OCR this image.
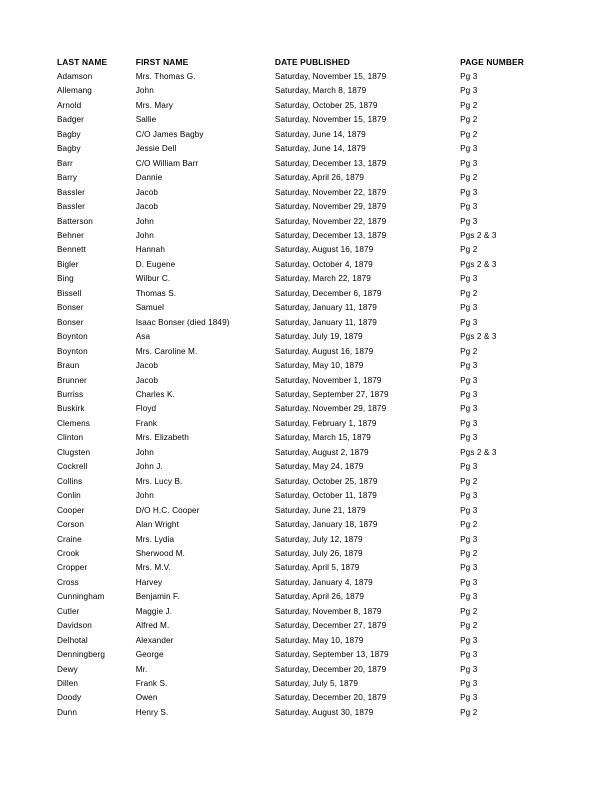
LAST NAME	FIRST NAME	DATE PUBLISHED	PAGE NUMBER
Adamson	Mrs. Thomas G.	Saturday, November 15, 1879	Pg 3
Allemang	John	Saturday, March 8, 1879	Pg 3
Arnold	Mrs. Mary	Saturday, October 25, 1879	Pg 2
Badger	Sallie	Saturday, November 15, 1879	Pg 2
Bagby	C/O James Bagby	Saturday, June 14, 1879	Pg 2
Bagby	Jessie Dell	Saturday, June 14, 1879	Pg 3
Barr	C/O William Barr	Saturday, December 13, 1879	Pg 3
Barry	Dannie	Saturday, April 26, 1879	Pg 2
Bassler	Jacob	Saturday, November 22, 1879	Pg 3
Bassler	Jacob	Saturday, November 29, 1879	Pg 3
Batterson	John	Saturday, November 22, 1879	Pg 3
Behner	John	Saturday, December 13, 1879	Pgs 2 & 3
Bennett	Hannah	Saturday, August 16, 1879	Pg 2
Bigler	D. Eugene	Saturday, October 4, 1879	Pgs 2 & 3
Bing	Wilbur C.	Saturday, March 22, 1879	Pg 3
Bissell	Thomas S.	Saturday, December 6, 1879	Pg 2
Bonser	Samuel	Saturday, January 11, 1879	Pg 3
Bonser	Isaac Bonser (died 1849)	Saturday, January 11, 1879	Pg 3
Boynton	Asa	Saturday, July 19, 1879	Pgs 2 & 3
Boynton	Mrs. Caroline M.	Saturday, August 16, 1879	Pg 2
Braun	Jacob	Saturday, May 10, 1879	Pg 3
Brunner	Jacob	Saturday, November 1, 1879	Pg 3
Burriss	Charles K.	Saturday, September 27, 1879	Pg 3
Buskirk	Floyd	Saturday, November 29, 1879	Pg 3
Clemens	Frank	Saturday, February 1, 1879	Pg 3
Clinton	Mrs. Elizabeth	Saturday, March 15, 1879	Pg 3
Clugsten	John	Saturday, August 2, 1879	Pgs 2 & 3
Cockrell	John J.	Saturday, May 24, 1879	Pg 3
Collins	Mrs. Lucy B.	Saturday, October 25, 1879	Pg 2
Conlin	John	Saturday, October 11, 1879	Pg 3
Cooper	D/O H.C. Cooper	Saturday, June 21, 1879	Pg 3
Corson	Alan Wright	Saturday, January 18, 1879	Pg 2
Craine	Mrs. Lydia	Saturday, July 12, 1879	Pg 3
Crook	Sherwood M.	Saturday, July 26, 1879	Pg 2
Cropper	Mrs. M.V.	Saturday, April 5, 1879	Pg 3
Cross	Harvey	Saturday, January 4, 1879	Pg 3
Cunningham	Benjamin F.	Saturday, April 26, 1879	Pg 3
Cutler	Maggie J.	Saturday, November 8, 1879	Pg 2
Davidson	Alfred M.	Saturday, December 27, 1879	Pg 2
Delhotal	Alexander	Saturday, May 10, 1879	Pg 3
Denningberg	George	Saturday, September 13, 1879	Pg 3
Dewy	Mr.	Saturday, December 20, 1879	Pg 3
Dillen	Frank S.	Saturday, July 5, 1879	Pg 3
Doody	Owen	Saturday, December 20, 1879	Pg 3
Dunn	Henry S.	Saturday, August 30, 1879	Pg 2
